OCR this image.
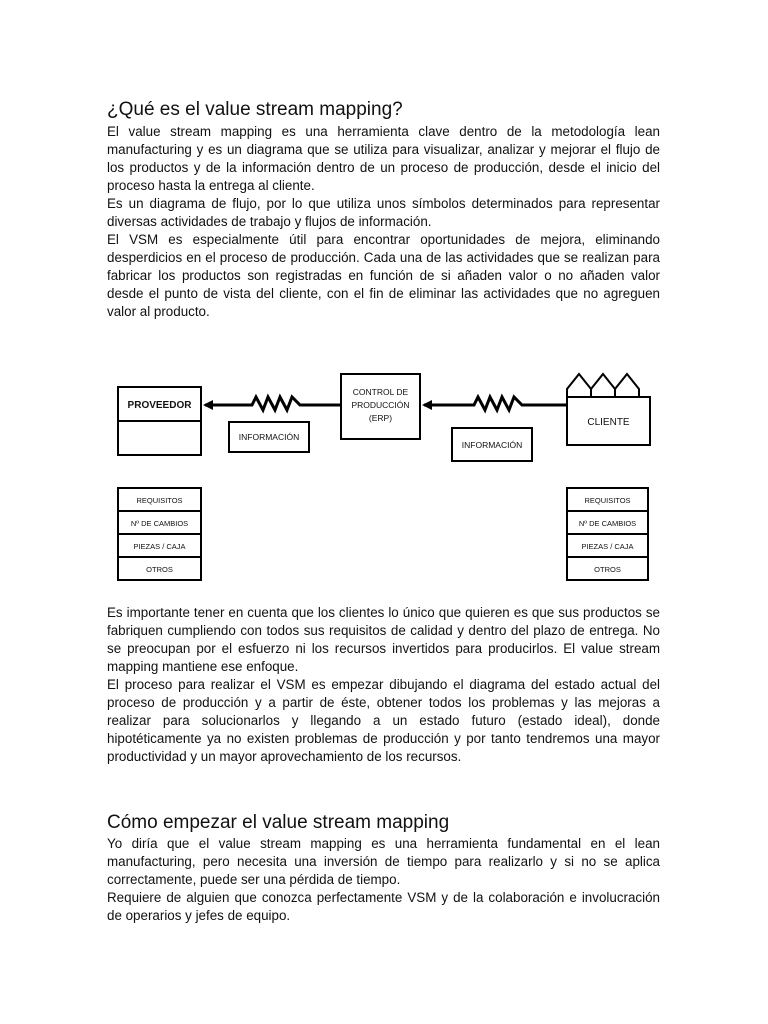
¿Qué es el value stream mapping?

El value stream mapping es una herramienta clave dentro de la metodología lean manufacturing y es un diagrama que se utiliza para visualizar, analizar y mejorar el flujo de los productos y de la información dentro de un proceso de producción, desde el inicio del proceso hasta la entrega al cliente.

Es un diagrama de flujo, por lo que utiliza unos símbolos determinados para representar diversas actividades de trabajo y flujos de información.

El VSM es especialmente útil para encontrar oportunidades de mejora, eliminando desperdicios en el proceso de producción. Cada una de las actividades que se realizan para fabricar los productos son registradas en función de si añaden valor o no añaden valor desde el punto de vista del cliente, con el fin de eliminar las actividades que no agreguen valor al producto.

PROVEEDOR
CONTROL DE
PRODUCCIÓN
(ERP)	CLIENTE
INFORMACIÓN
INFORMACIÓN
REQUISITOS
Nº DE CAMBIOS
PIEZAS / CAJA
OTROS
REQUISITOS
Nº DE CAMBIOS
PIEZAS / CAJA
OTROS

Es importante tener en cuenta que los clientes lo único que quieren es que sus productos se fabriquen cumpliendo con todos sus requisitos de calidad y dentro del plazo de entrega. No se preocupan por el esfuerzo ni los recursos invertidos para producirlos. El value stream mapping mantiene ese enfoque.

El proceso para realizar el VSM es empezar dibujando el diagrama del estado actual del proceso de producción y a partir de éste, obtener todos los problemas y las mejoras a realizar para solucionarlos y llegando a un estado futuro (estado ideal), donde hipotéticamente ya no existen problemas de producción y por tanto tendremos una mayor productividad y un mayor aprovechamiento de los recursos.

Cómo empezar el value stream mapping

Yo diría que el value stream mapping es una herramienta fundamental en el lean manufacturing, pero necesita una inversión de tiempo para realizarlo y si no se aplica correctamente, puede ser una pérdida de tiempo.

Requiere de alguien que conozca perfectamente VSM y de la colaboración e involucración de operarios y jefes de equipo.
